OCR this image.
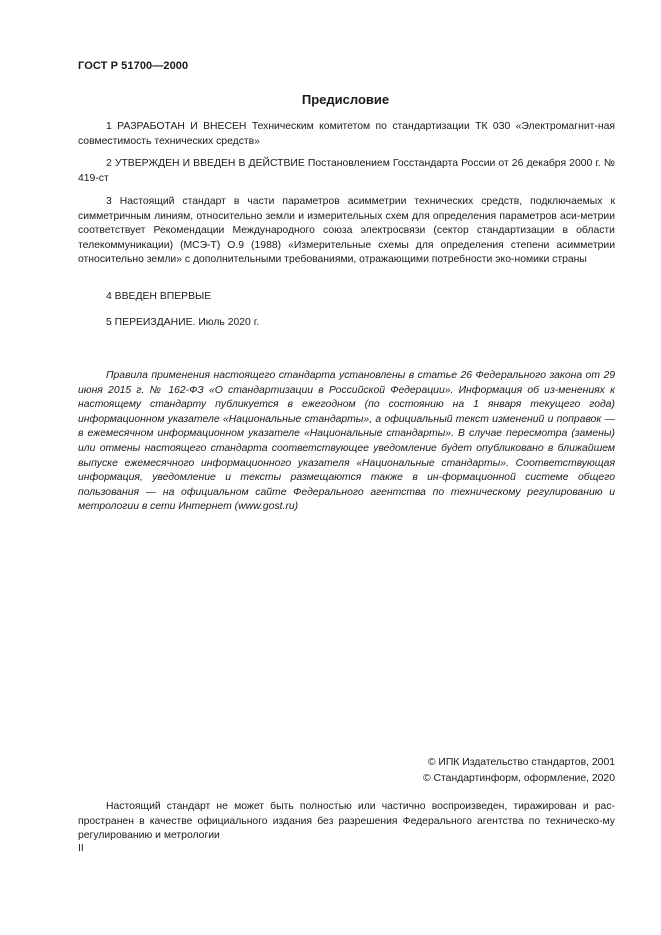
ГОСТ Р 51700—2000
Предисловие

1 РАЗРАБОТАН И ВНЕСЕН Техническим комитетом по стандартизации ТК 030 «Электромагнит-ная совместимость технических средств»

2 УТВЕРЖДЕН И ВВЕДЕН В ДЕЙСТВИЕ Постановлением Госстандарта России от 26 декабря 2000 г. № 419-ст

3 Настоящий стандарт в части параметров асимметрии технических средств, подключаемых к симметричным линиям, относительно земли и измерительных схем для определения параметров аси-метрии соответствует Рекомендации Международного союза электросвязи (сектор стандартизации в области телекоммуникации) (МСЭ-Т) О.9 (1988) «Измерительные схемы для определения степени асимметрии относительно земли» с дополнительными требованиями, отражающими потребности эко-номики страны

4 ВВЕДЕН ВПЕРВЫЕ

5 ПЕРЕИЗДАНИЕ. Июль 2020 г.

Правила применения настоящего стандарта установлены в статье 26 Федерального закона от 29 июня 2015 г. № 162-ФЗ «О стандартизации в Российской Федерации». Информация об из-менениях к настоящему стандарту публикуется в ежегодном (по состоянию на 1 января текущего года) информационном указателе «Национальные стандарты», а официальный текст изменений и поправок — в ежемесячном информационном указателе «Национальные стандарты». В случае пересмотра (замены) или отмены настоящего стандарта соответствующее уведомление будет опубликовано в ближайшем выпуске ежемесячного информационного указателя «Национальные стандарты». Соответствующая информация, уведомление и тексты размещаются также в ин-формационной системе общего пользования — на официальном сайте Федерального агентства по техническому регулированию и метрологии в сети Интернет (www.gost.ru)

© ИПК Издательство стандартов, 2001
© Стандартинформ, оформление, 2020

Настоящий стандарт не может быть полностью или частично воспроизведен, тиражирован и рас-пространен в качестве официального издания без разрешения Федерального агентства по техническо-му регулированию и метрологии

II
